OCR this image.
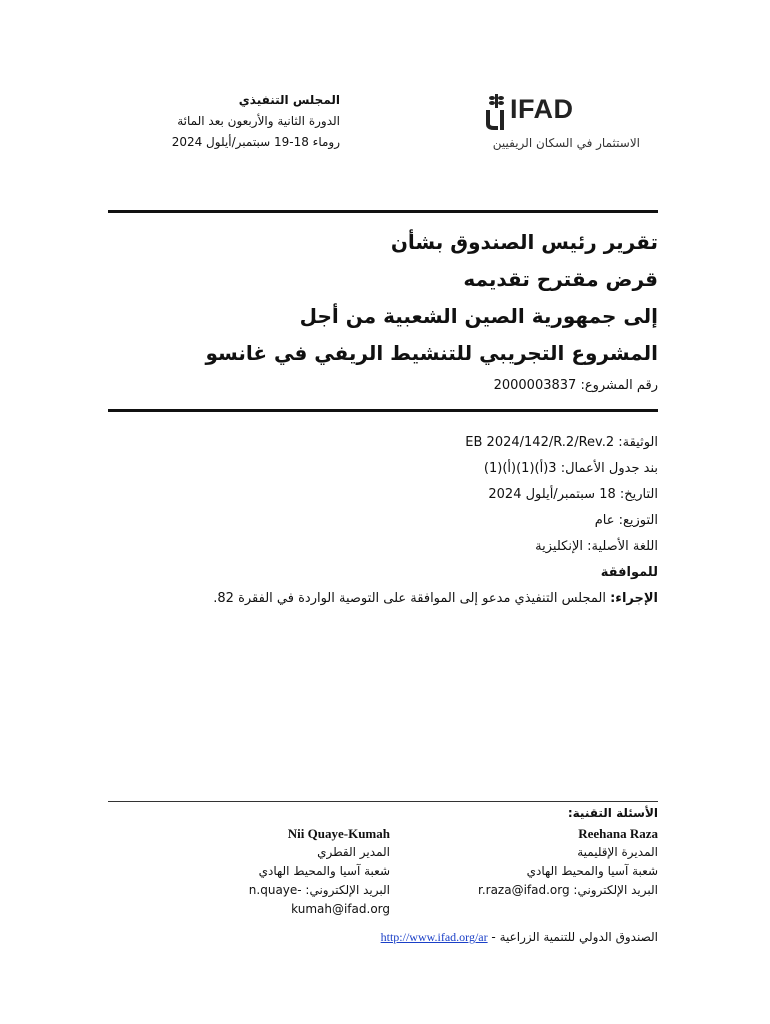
IFAD
الاستثمار في السكان الريفيين
المجلس التنفيذي
الدورة الثانية والأربعون بعد المائة
روماء 18-19 سبتمبر/أيلول 2024
تقرير رئيس الصندوق بشأن
قرض مقترح تقديمه
إلى جمهورية الصين الشعبية من أجل
المشروع التجريبي للتنشيط الريفي في غانسو
رقم المشروع: 2000003837
الوثيقة: EB 2024/142/R.2/Rev.2
بند جدول الأعمال: 3(أ)(1)(أ)(1)
التاريخ: 18 سبتمبر/أيلول 2024
التوزيع: عام
اللغة الأصلية: الإنكليزية
للموافقة
الإجراء: المجلس التنفيذي مدعو إلى الموافقة على التوصية الواردة في الفقرة 82.
الأسئلة التقنية:
Reehana Raza
المديرة الإقليمية
شعبة آسيا والمحيط الهادي
البريد الإلكتروني: r.raza@ifad.org
Nii Quaye-Kumah
المدير القطري
شعبة آسيا والمحيط الهادي
البريد الإلكتروني: n.quaye-kumah@ifad.org
الصندوق الدولي للتنمية الزراعية - http://www.ifad.org/ar
